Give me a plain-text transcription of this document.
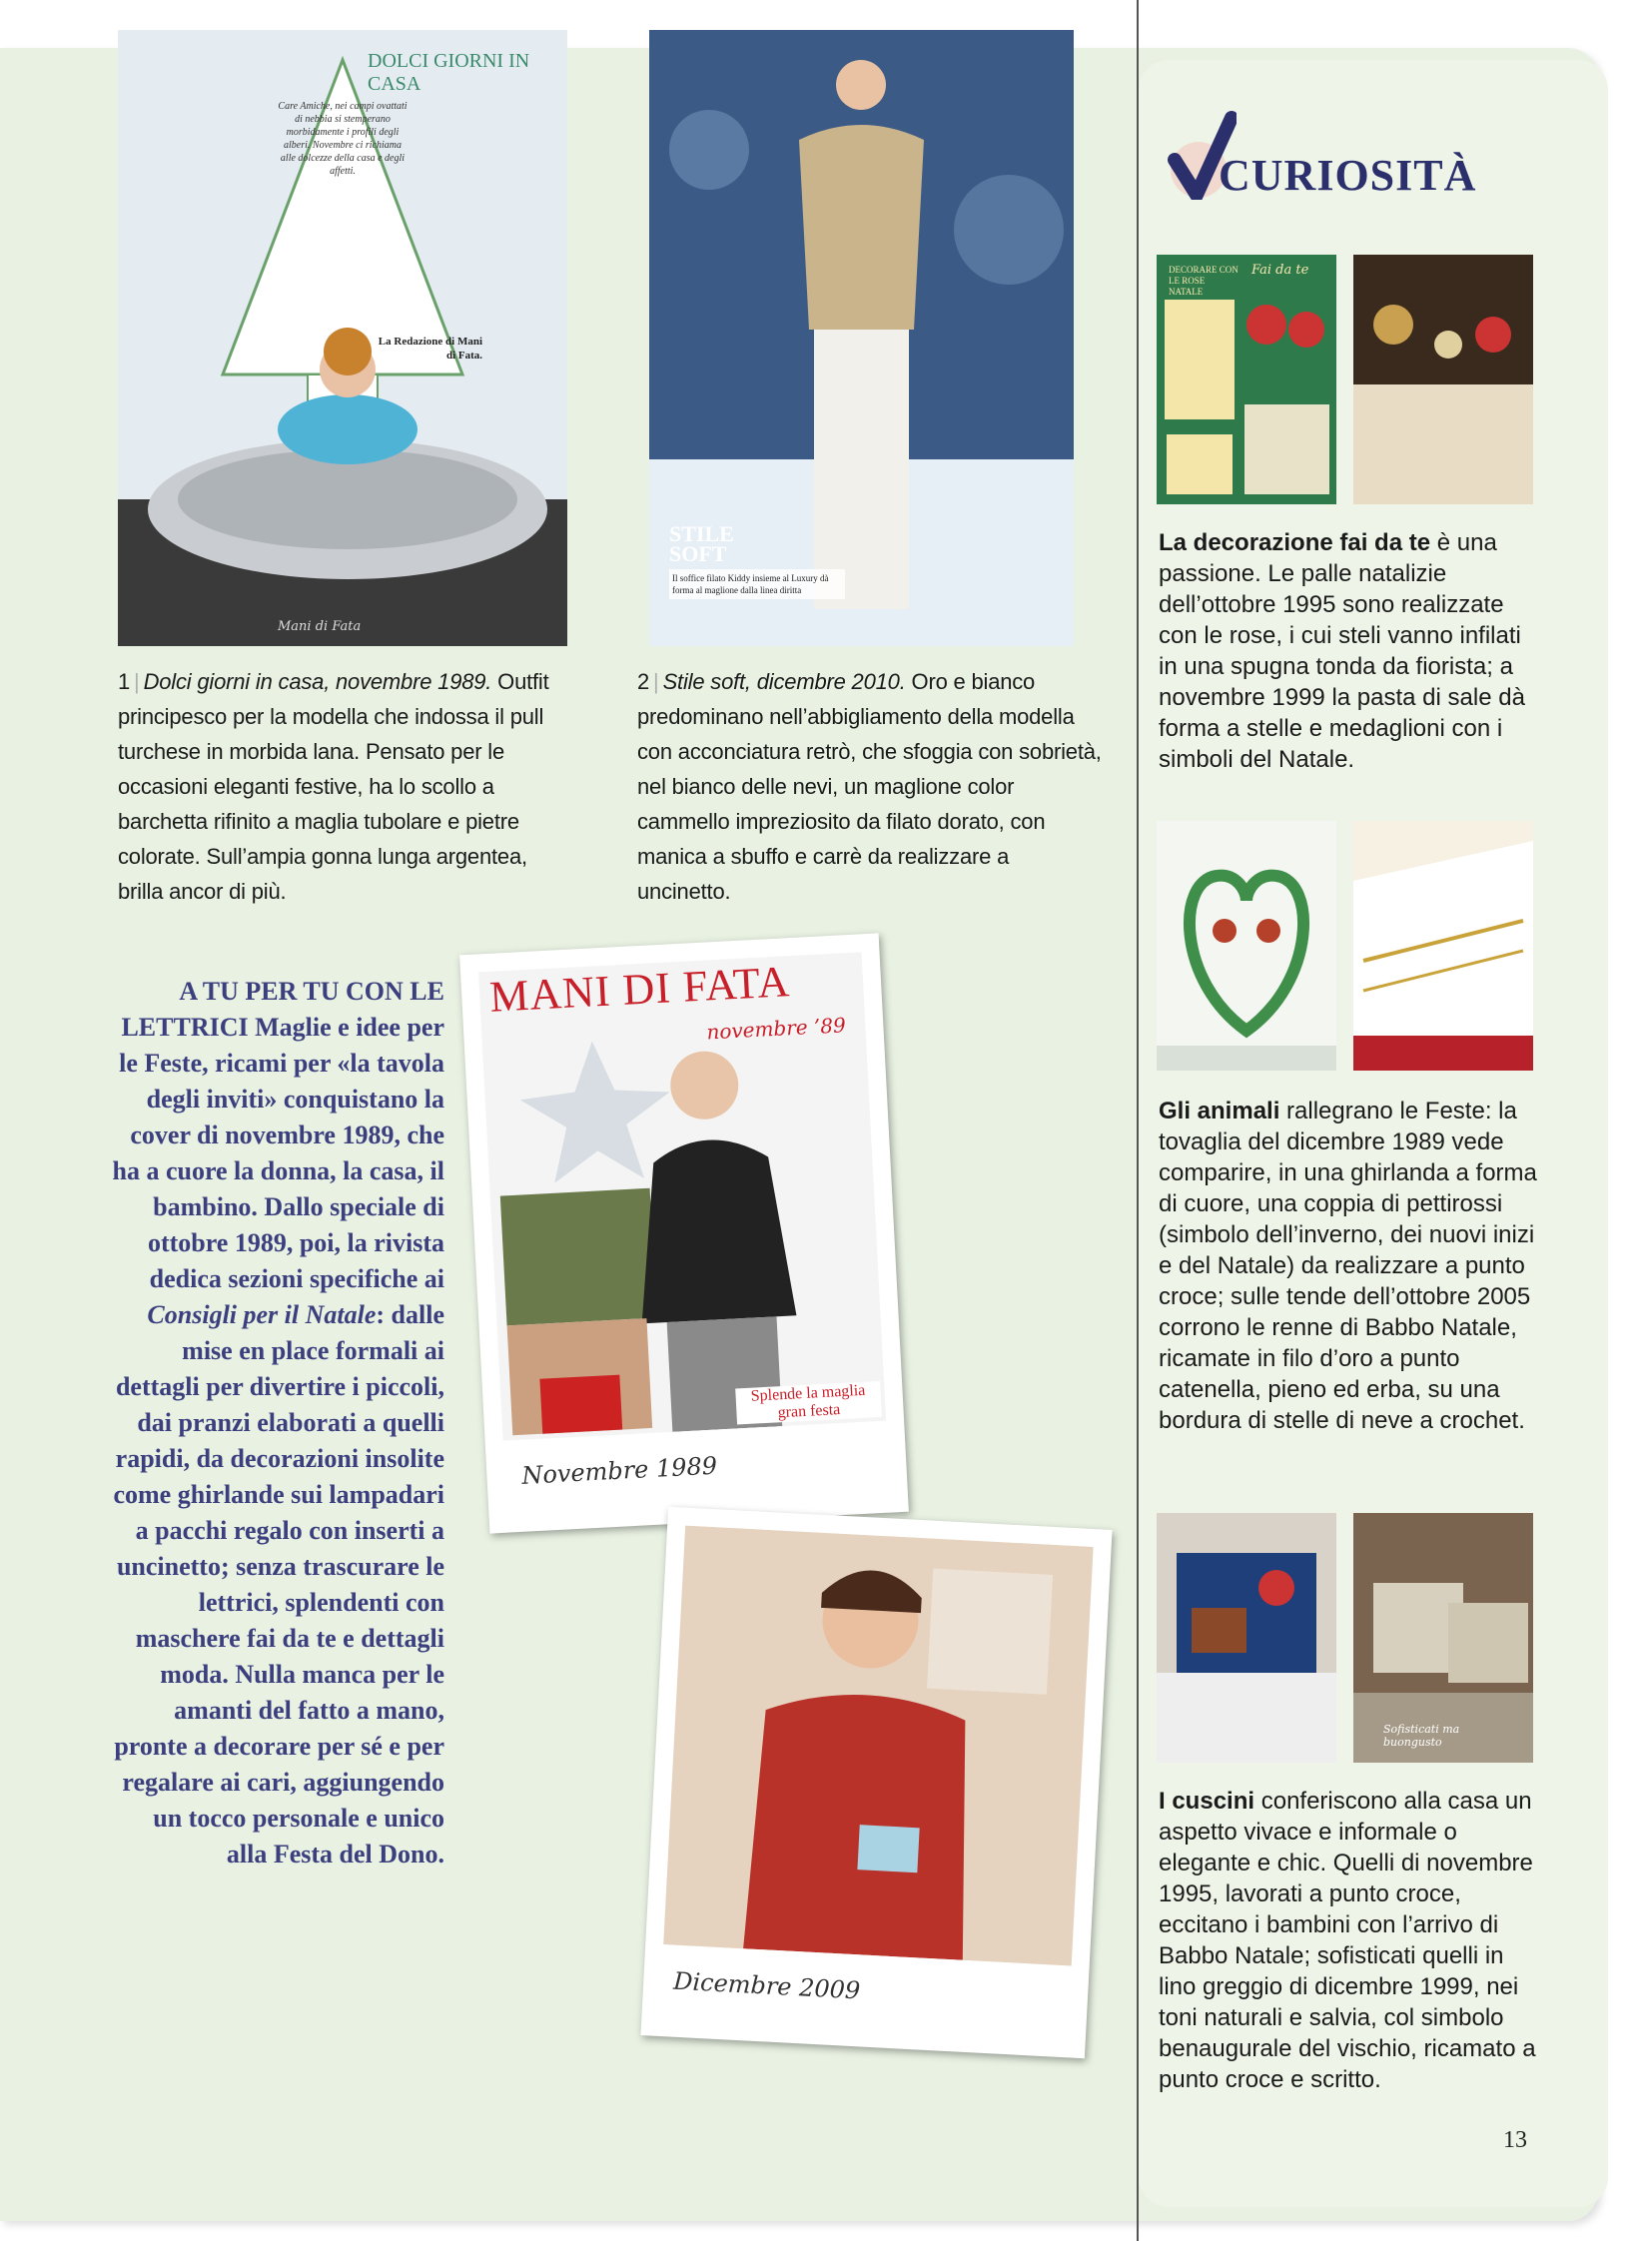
DOLCI GIORNI IN CASA
Care Amiche, nei campi ovattati di nebbia si stemperano morbidamente i profili degli alberi. Novembre ci richiama alle dolcezze della casa e degli affetti.
La Redazione di Mani di Fata.
Mani di Fata
STILE SOFT
Il soffice filato Kiddy insieme al Luxury dà forma al maglione dalla linea diritta
1 | Dolci giorni in casa, novembre 1989. Outfit principesco per la modella che indossa il pull turchese in morbida lana. Pensato per le occasioni eleganti festive, ha lo scollo a barchetta rifinito a maglia tubolare e pietre colorate. Sull’ampia gonna lunga argentea, brilla ancor di più.
2 | Stile soft, dicembre 2010. Oro e bianco predominano nell’abbigliamento della modella con acconciatura retrò, che sfoggia con sobrietà, nel bianco delle nevi, un maglione color cammello impreziosito da filato dorato, con manica a sbuffo e carrè da realizzare a uncinetto.
A TU PER TU CON LE LETTRICI Maglie e idee per le Feste, ricami per «la tavola degli inviti» conquistano la cover di novembre 1989, che ha a cuore la donna, la casa, il bambino. Dallo speciale di ottobre 1989, poi, la rivista dedica sezioni specifiche ai Consigli per il Natale: dalle mise en place formali ai dettagli per divertire i piccoli, dai pranzi elaborati a quelli rapidi, da decorazioni insolite come ghirlande sui lampadari a pacchi regalo con inserti a uncinetto; senza trascurare le lettrici, splendenti con maschere fai da te e dettagli moda. Nulla manca per le amanti del fatto a mano, pronte a decorare per sé e per regalare ai cari, aggiungendo un tocco personale e unico alla Festa del Dono.
MANI DI FATA
novembre ’89
Splende la maglia gran festa
Novembre 1989
Dicembre 2009
CURIOSITÀ
DECORARE CON LE ROSE NATALE
Fai da te
La decorazione fai da te è una passione. Le palle natalizie dell’ottobre 1995 sono realizzate con le rose, i cui steli vanno infilati in una spugna tonda da fiorista; a novembre 1999 la pasta di sale dà forma a stelle e medaglioni con i simboli del Natale.
Gli animali rallegrano le Feste: la tovaglia del dicembre 1989 vede comparire, in una ghirlanda a forma di cuore, una coppia di pettirossi (simbolo dell’inverno, dei nuovi inizi e del Natale) da realizzare a punto croce; sulle tende dell’ottobre 2005 corrono le renne di Babbo Natale, ricamate in filo d’oro a punto catenella, pieno ed erba, su una bordura di stelle di neve a crochet.
Sofisticati ma buongusto
I cuscini conferiscono alla casa un aspetto vivace e informale o elegante e chic. Quelli di novembre 1995, lavorati a punto croce, eccitano i bambini con l’arrivo di Babbo Natale; sofisticati quelli in lino greggio di dicembre 1999, nei toni naturali e salvia, col simbolo benaugurale del vischio, ricamato a punto croce e scritto.
13
